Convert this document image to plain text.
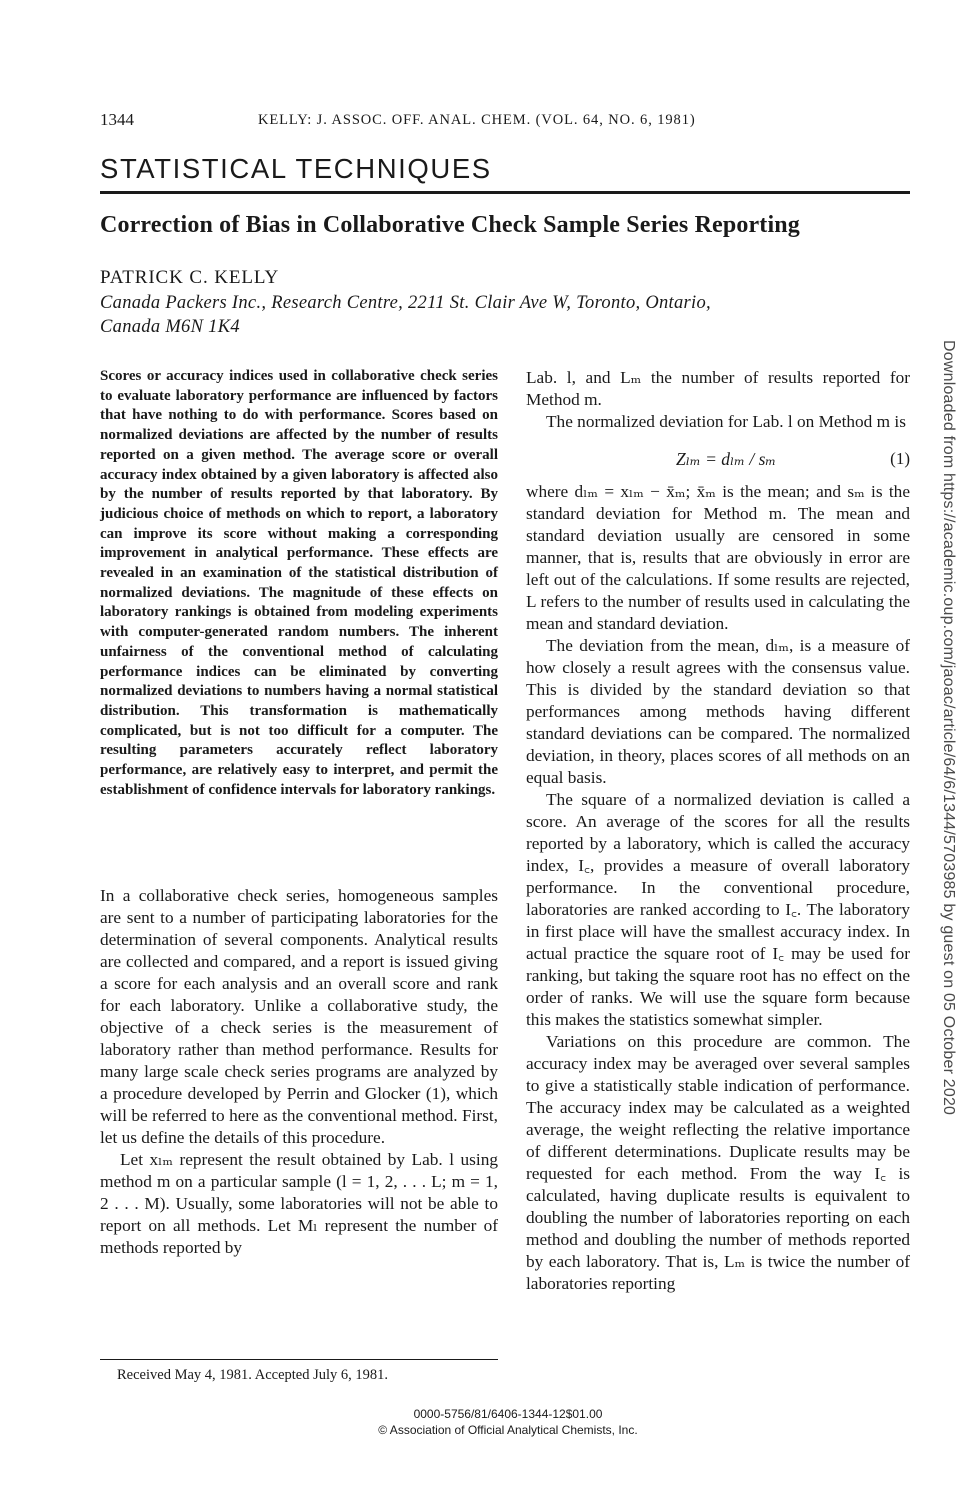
1344	KELLY: J. ASSOC. OFF. ANAL. CHEM. (VOL. 64, NO. 6, 1981)
STATISTICAL TECHNIQUES
Correction of Bias in Collaborative Check Sample Series Reporting
PATRICK C. KELLY
Canada Packers Inc., Research Centre, 2211 St. Clair Ave W, Toronto, Ontario,
Canada M6N 1K4

Scores or accuracy indices used in collaborative check series to evaluate laboratory performance are influenced by factors that have nothing to do with performance. Scores based on normalized deviations are affected by the number of results reported on a given method. The average score or overall accuracy index obtained by a given laboratory is affected also by the number of results reported by that laboratory. By judicious choice of methods on which to report, a laboratory can improve its score without making a corresponding improvement in analytical performance. These effects are revealed in an examination of the statistical distribution of normalized deviations. The magnitude of these effects on laboratory rankings is obtained from modeling experiments with computer-generated random numbers. The inherent unfairness of the conventional method of calculating performance indices can be eliminated by converting normalized deviations to numbers having a normal statistical distribution. This transformation is mathematically complicated, but is not too difficult for a computer. The resulting parameters accurately reflect laboratory performance, are relatively easy to interpret, and permit the establishment of confidence intervals for laboratory rankings.

In a collaborative check series, homogeneous samples are sent to a number of participating laboratories for the determination of several components. Analytical results are collected and compared, and a report is issued giving a score for each analysis and an overall score and rank for each laboratory. Unlike a collaborative study, the objective of a check series is the measurement of laboratory rather than method performance. Results for many large scale check series programs are analyzed by a procedure developed by Perrin and Glocker (1), which will be referred to here as the conventional method. First, let us define the details of this procedure.

Let xₗₘ represent the result obtained by Lab. l using method m on a particular sample (l = 1, 2, . . . L; m = 1, 2 . . . M). Usually, some laboratories will not be able to report on all methods. Let Mₗ represent the number of methods reported by

Received May 4, 1981. Accepted July 6, 1981.

Lab. l, and Lₘ the number of results reported for Method m.

The normalized deviation for Lab. l on Method m is

Zₗₘ = dₗₘ / sₘ	(1)

where dₗₘ = xₗₘ − x̄ₘ; x̄ₘ is the mean; and sₘ is the standard deviation for Method m. The mean and standard deviation usually are censored in some manner, that is, results that are obviously in error are left out of the calculations. If some results are rejected, L refers to the number of results used in calculating the mean and standard deviation.

The deviation from the mean, dₗₘ, is a measure of how closely a result agrees with the consensus value. This is divided by the standard deviation so that performances among methods having different standard deviations can be compared. The normalized deviation, in theory, places scores of all methods on an equal basis.

The square of a normalized deviation is called a score. An average of the scores for all the results reported by a laboratory, which is called the accuracy index, I꜀, provides a measure of overall laboratory performance. In the conventional procedure, laboratories are ranked according to I꜀. The laboratory in first place will have the smallest accuracy index. In actual practice the square root of I꜀ may be used for ranking, but taking the square root has no effect on the order of ranks. We will use the square form because this makes the statistics somewhat simpler.

Variations on this procedure are common. The accuracy index may be averaged over several samples to give a statistically stable indication of performance. The accuracy index may be calculated as a weighted average, the weight reflecting the relative importance of different determinations. Duplicate results may be requested for each method. From the way I꜀ is calculated, having duplicate results is equivalent to doubling the number of laboratories reporting on each method and doubling the number of methods reported by each laboratory. That is, Lₘ is twice the number of laboratories reporting

0000-5756/81/6406-1344-12$01.00
© Association of Official Analytical Chemists, Inc.
Downloaded from https://academic.oup.com/jaoac/article/64/6/1344/5703985 by guest on 05 October 2020
